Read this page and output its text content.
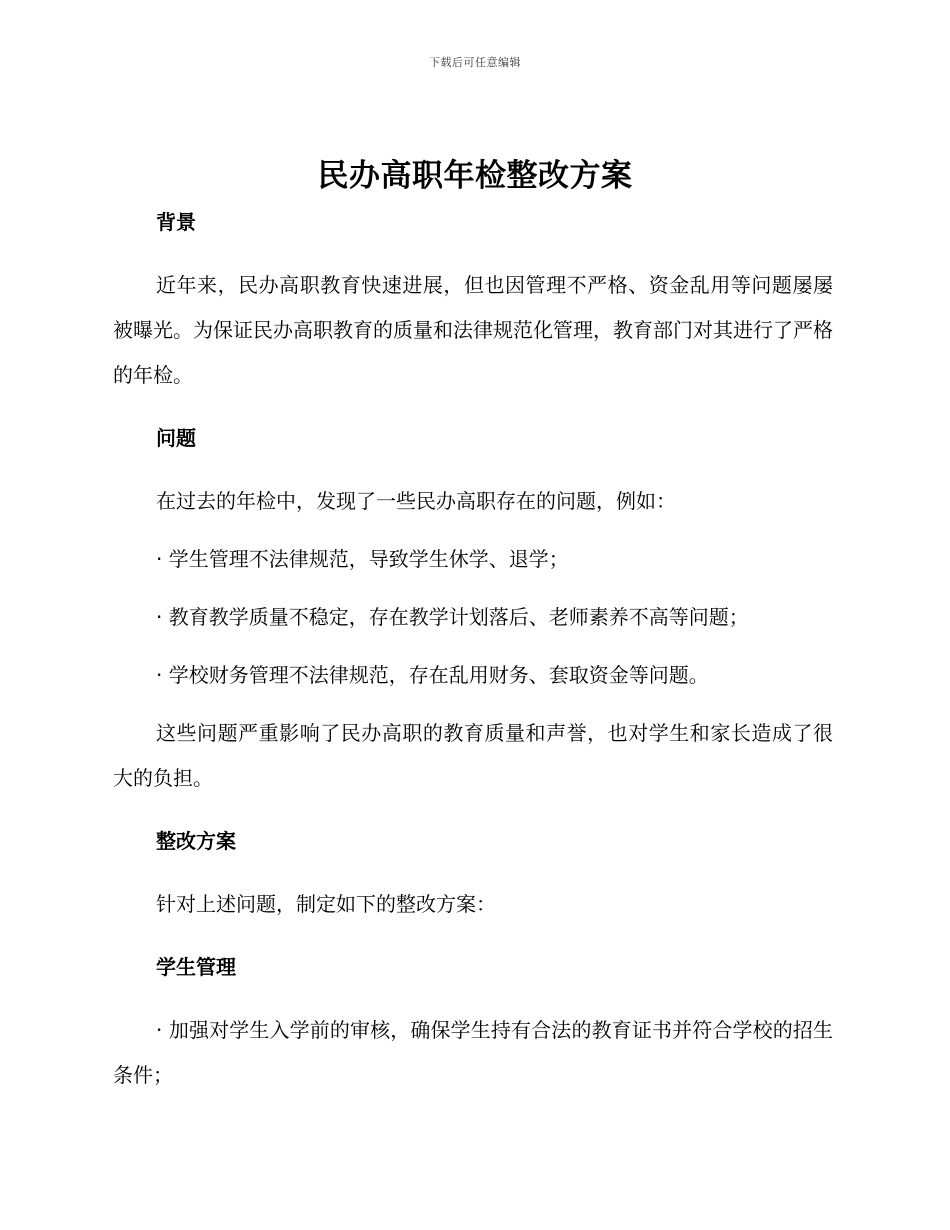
下载后可任意编辑
民办高职年检整改方案
背景

近年来，民办高职教育快速进展，但也因管理不严格、资金乱用等问题屡屡被曝光。为保证民办高职教育的质量和法律规范化管理，教育部门对其进行了严格的年检。

问题

在过去的年检中，发现了一些民办高职存在的问题，例如：

· 学生管理不法律规范，导致学生休学、退学；

· 教育教学质量不稳定，存在教学计划落后、老师素养不高等问题；

· 学校财务管理不法律规范，存在乱用财务、套取资金等问题。

这些问题严重影响了民办高职的教育质量和声誉，也对学生和家长造成了很大的负担。

整改方案

针对上述问题，制定如下的整改方案：

学生管理

· 加强对学生入学前的审核，确保学生持有合法的教育证书并符合学校的招生条件；
